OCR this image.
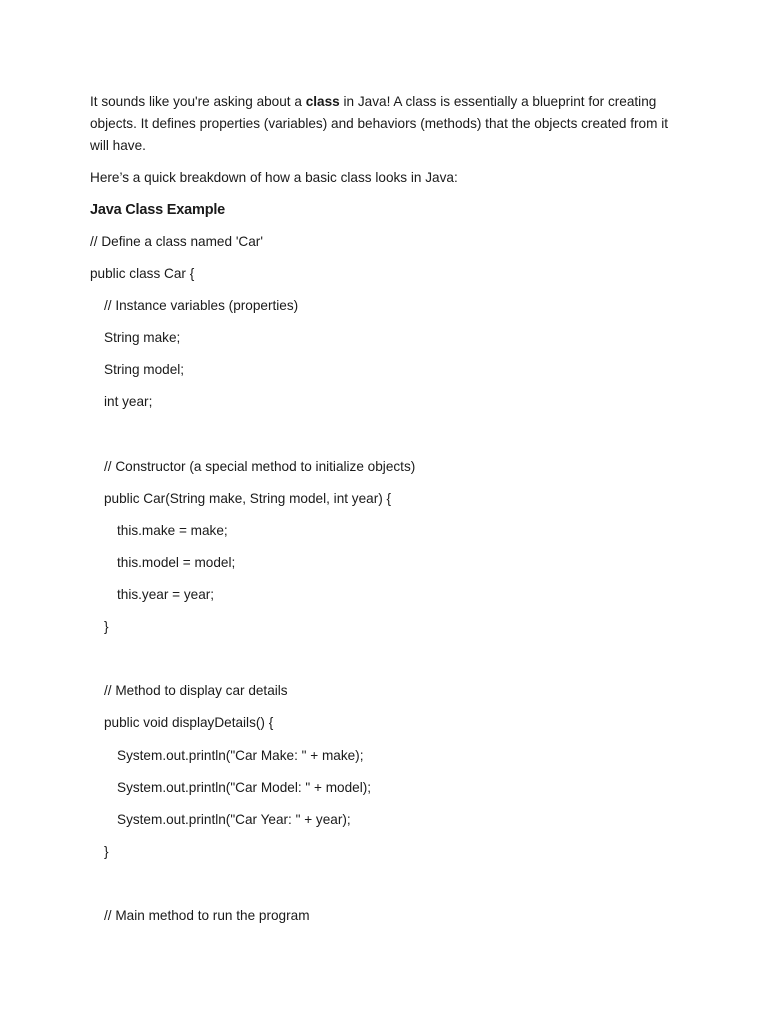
It sounds like you're asking about a class in Java! A class is essentially a blueprint for creating objects. It defines properties (variables) and behaviors (methods) that the objects created from it will have.

Here’s a quick breakdown of how a basic class looks in Java:

Java Class Example
// Define a class named 'Car'
public class Car {
// Instance variables (properties)
String make;
String model;
int year;
// Constructor (a special method to initialize objects)
public Car(String make, String model, int year) {
this.make = make;
this.model = model;
this.year = year;
}
// Method to display car details
public void displayDetails() {
System.out.println("Car Make: " + make);
System.out.println("Car Model: " + model);
System.out.println("Car Year: " + year);
}
// Main method to run the program
